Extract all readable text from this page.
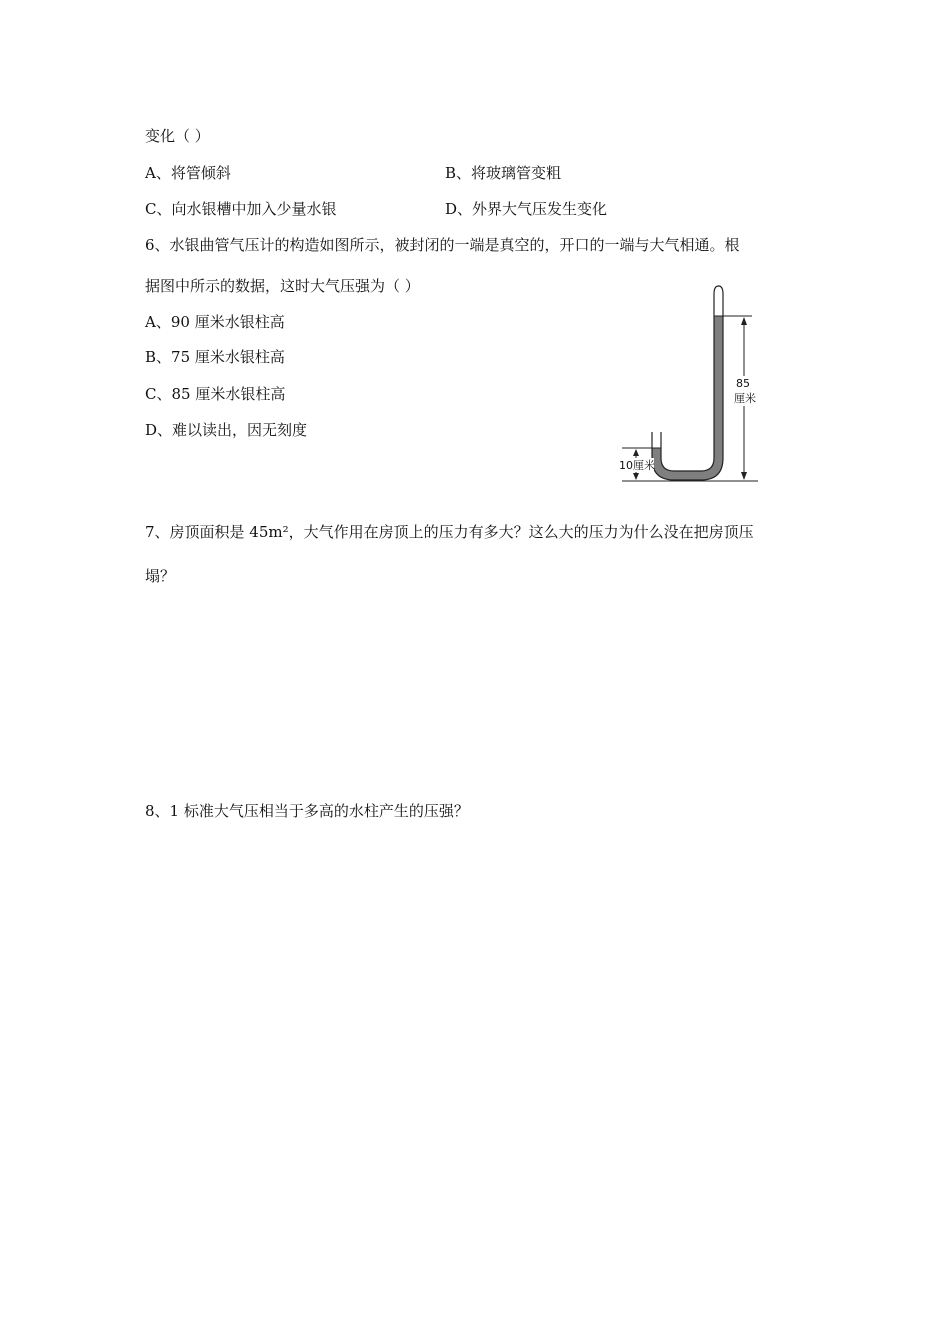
变化（ ）
A、将管倾斜	B、将玻璃管变粗
C、向水银槽中加入少量水银	D、外界大气压发生变化
6、水银曲管气压计的构造如图所示，被封闭的一端是真空的，开口的一端与大气相通。根
据图中所示的数据，这时大气压强为（ ）
A、90 厘米水银柱高
B、75 厘米水银柱高
C、85 厘米水银柱高
D、难以读出，因无刻度
85
厘米
10厘米
7、房顶面积是 45m²，大气作用在房顶上的压力有多大？这么大的压力为什么没在把房顶压
塌？
8、1 标准大气压相当于多高的水柱产生的压强？
